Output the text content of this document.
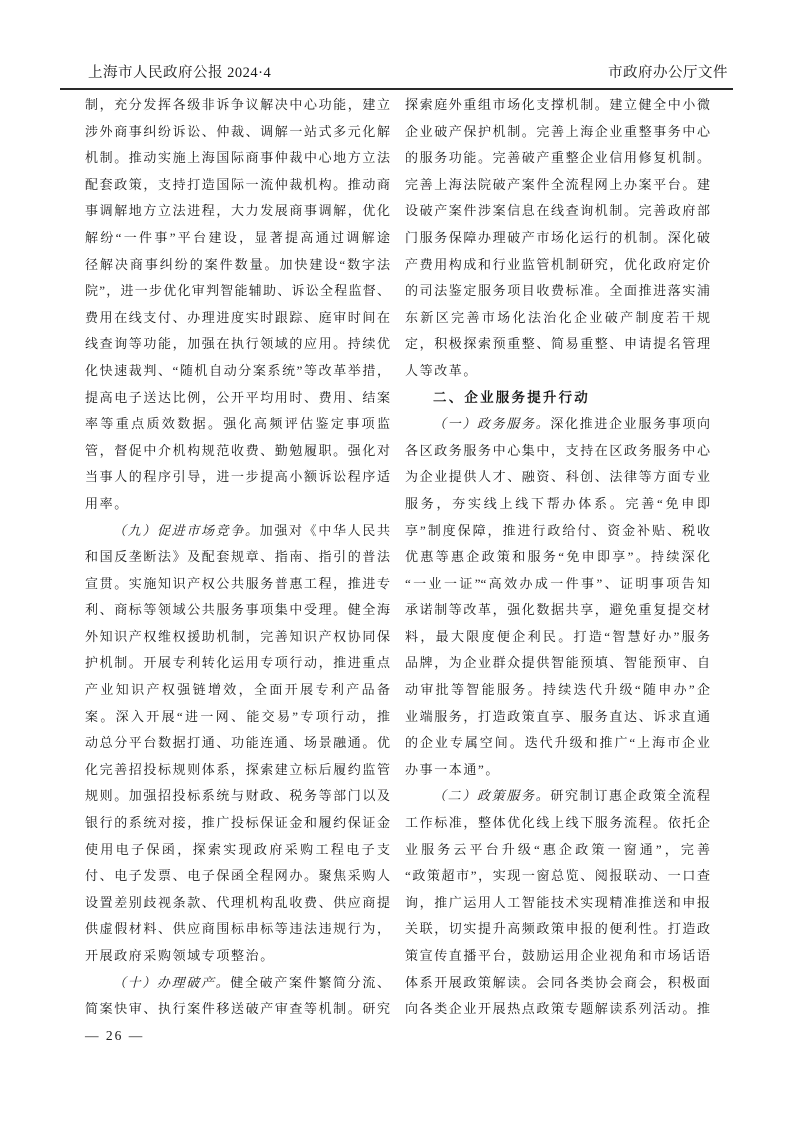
上海市人民政府公报 2024·4	市政府办公厅文件
制，充分发挥各级非诉争议解决中心功能，建立
涉外商事纠纷诉讼、仲裁、调解一站式多元化解
机制。推动实施上海国际商事仲裁中心地方立法
配套政策，支持打造国际一流仲裁机构。推动商
事调解地方立法进程，大力发展商事调解，优化
解纷“一件事”平台建设，显著提高通过调解途
径解决商事纠纷的案件数量。加快建设“数字法
院”，进一步优化审判智能辅助、诉讼全程监督、
费用在线支付、办理进度实时跟踪、庭审时间在
线查询等功能，加强在执行领域的应用。持续优
化快速裁判、“随机自动分案系统”等改革举措，
提高电子送达比例，公开平均用时、费用、结案
率等重点质效数据。强化高频评估鉴定事项监
管，督促中介机构规范收费、勤勉履职。强化对
当事人的程序引导，进一步提高小额诉讼程序适
用率。
（九）促进市场竞争。加强对《中华人民共
和国反垄断法》及配套规章、指南、指引的普法
宣贯。实施知识产权公共服务普惠工程，推进专
利、商标等领域公共服务事项集中受理。健全海
外知识产权维权援助机制，完善知识产权协同保
护机制。开展专利转化运用专项行动，推进重点
产业知识产权强链增效，全面开展专利产品备
案。深入开展“进一网、能交易”专项行动，推
动总分平台数据打通、功能连通、场景融通。优
化完善招投标规则体系，探索建立标后履约监管
规则。加强招投标系统与财政、税务等部门以及
银行的系统对接，推广投标保证金和履约保证金
使用电子保函，探索实现政府采购工程电子支
付、电子发票、电子保函全程网办。聚焦采购人
设置差别歧视条款、代理机构乱收费、供应商提
供虚假材料、供应商围标串标等违法违规行为，
开展政府采购领域专项整治。
（十）办理破产。健全破产案件繁简分流、
简案快审、执行案件移送破产审查等机制。研究
探索庭外重组市场化支撑机制。建立健全中小微
企业破产保护机制。完善上海企业重整事务中心
的服务功能。完善破产重整企业信用修复机制。
完善上海法院破产案件全流程网上办案平台。建
设破产案件涉案信息在线查询机制。完善政府部
门服务保障办理破产市场化运行的机制。深化破
产费用构成和行业监管机制研究，优化政府定价
的司法鉴定服务项目收费标准。全面推进落实浦
东新区完善市场化法治化企业破产制度若干规
定，积极探索预重整、简易重整、申请提名管理
人等改革。
二、企业服务提升行动
（一）政务服务。深化推进企业服务事项向
各区政务服务中心集中，支持在区政务服务中心
为企业提供人才、融资、科创、法律等方面专业
服务，夯实线上线下帮办体系。完善“免申即
享”制度保障，推进行政给付、资金补贴、税收
优惠等惠企政策和服务“免申即享”。持续深化
“一业一证”“高效办成一件事”、证明事项告知
承诺制等改革，强化数据共享，避免重复提交材
料，最大限度便企利民。打造“智慧好办”服务
品牌，为企业群众提供智能预填、智能预审、自
动审批等智能服务。持续迭代升级“随申办”企
业端服务，打造政策直享、服务直达、诉求直通
的企业专属空间。迭代升级和推广“上海市企业
办事一本通”。
（二）政策服务。研究制订惠企政策全流程
工作标准，整体优化线上线下服务流程。依托企
业服务云平台升级“惠企政策一窗通”，完善
“政策超市”，实现一窗总览、阅报联动、一口查
询，推广运用人工智能技术实现精准推送和申报
关联，切实提升高频政策申报的便利性。打造政
策宣传直播平台，鼓励运用企业视角和市场话语
体系开展政策解读。会同各类协会商会，积极面
向各类企业开展热点政策专题解读系列活动。推
— 26 —
